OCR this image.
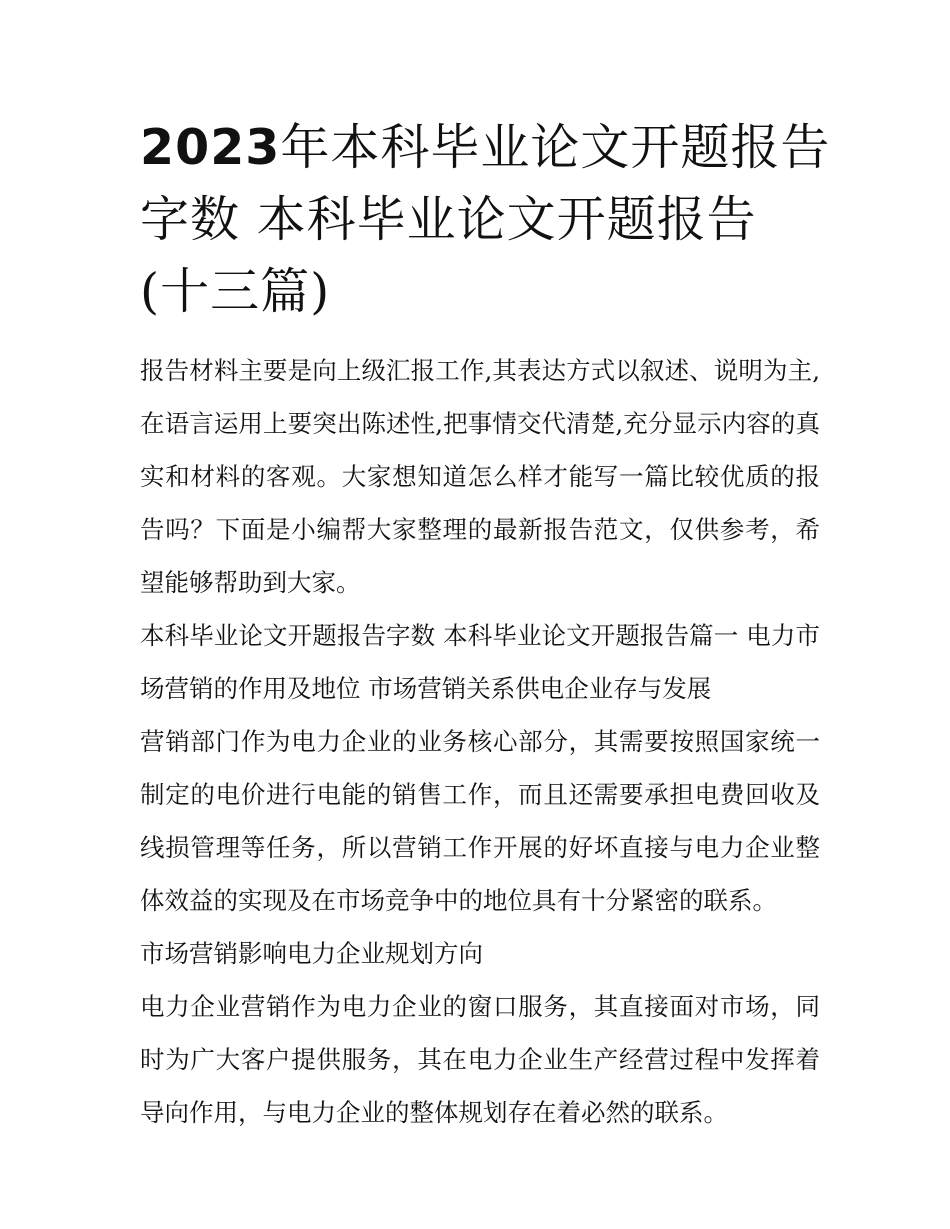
2023年本科毕业论文开题报告
字数 本科毕业论文开题报告
(十三篇)

报告材料主要是向上级汇报工作,其表达方式以叙述、说明为主,在语言运用上要突出陈述性,把事情交代清楚,充分显示内容的真实和材料的客观。大家想知道怎么样才能写一篇比较优质的报告吗？下面是小编帮大家整理的最新报告范文，仅供参考，希望能够帮助到大家。

本科毕业论文开题报告字数 本科毕业论文开题报告篇一 电力市场营销的作用及地位 市场营销关系供电企业存与发展

营销部门作为电力企业的业务核心部分，其需要按照国家统一制定的电价进行电能的销售工作，而且还需要承担电费回收及线损管理等任务，所以营销工作开展的好坏直接与电力企业整体效益的实现及在市场竞争中的地位具有十分紧密的联系。

市场营销影响电力企业规划方向

电力企业营销作为电力企业的窗口服务，其直接面对市场，同时为广大客户提供服务，其在电力企业生产经营过程中发挥着导向作用，与电力企业的整体规划存在着必然的联系。
